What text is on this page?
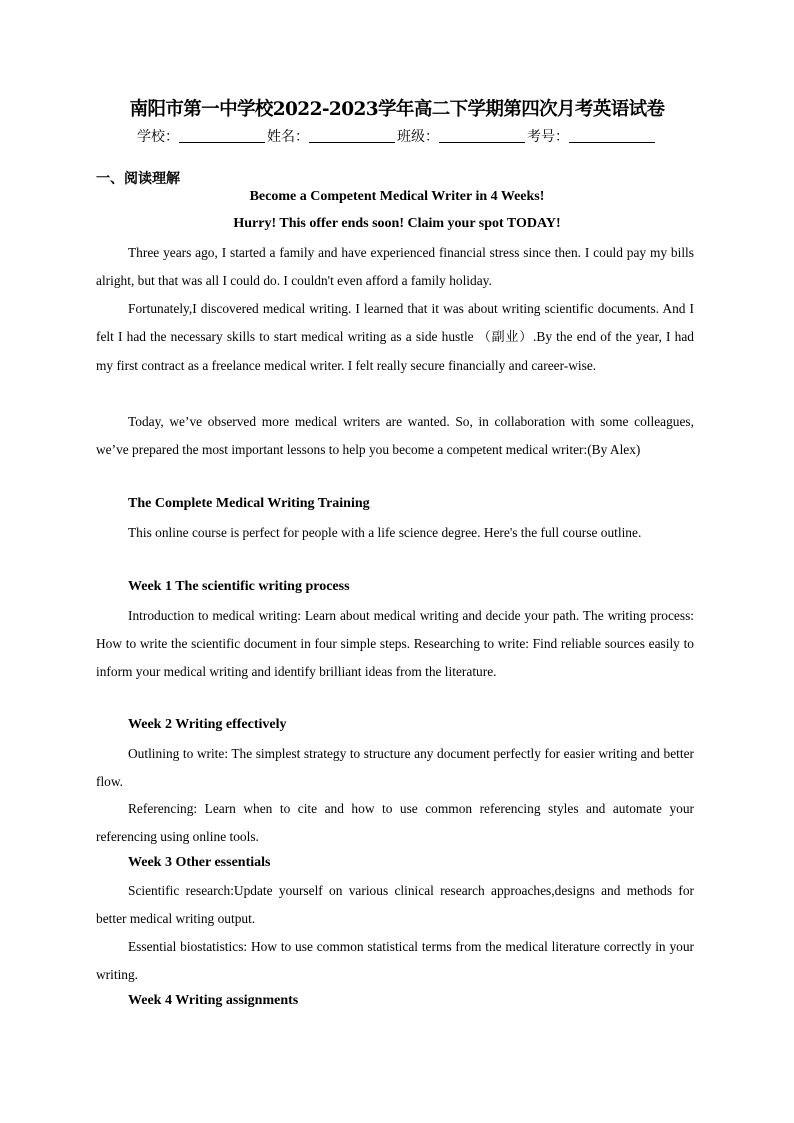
南阳市第一中学校2022-2023学年高二下学期第四次月考英语试卷
学校：	姓名：	班级：	考号：
一、阅读理解
Become a Competent Medical Writer in 4 Weeks!
Hurry! This offer ends soon! Claim your spot TODAY!
Three years ago, I started a family and have experienced financial stress since then. I could pay my bills alright, but that was all I could do. I couldn't even afford a family holiday.
Fortunately,I discovered medical writing. I learned that it was about writing scientific documents. And I felt I had the necessary skills to start medical writing as a side hustle （副业）.By the end of the year, I had my first contract as a freelance medical writer. I felt really secure financially and career-wise.
Today, we’ve observed more medical writers are wanted. So, in collaboration with some colleagues, we’ve prepared the most important lessons to help you become a competent medical writer:(By Alex)
The Complete Medical Writing Training
This online course is perfect for people with a life science degree. Here's the full course outline.
Week 1 The scientific writing process
Introduction to medical writing: Learn about medical writing and decide your path. The writing process: How to write the scientific document in four simple steps. Researching to write: Find reliable sources easily to inform your medical writing and identify brilliant ideas from the literature.
Week 2 Writing effectively
Outlining to write: The simplest strategy to structure any document perfectly for easier writing and better flow.
Referencing: Learn when to cite and how to use common referencing styles and automate your referencing using online tools.
Week 3 Other essentials
Scientific research:Update yourself on various clinical research approaches,designs and methods for better medical writing output.
Essential biostatistics: How to use common statistical terms from the medical literature correctly in your writing.
Week 4 Writing assignments
